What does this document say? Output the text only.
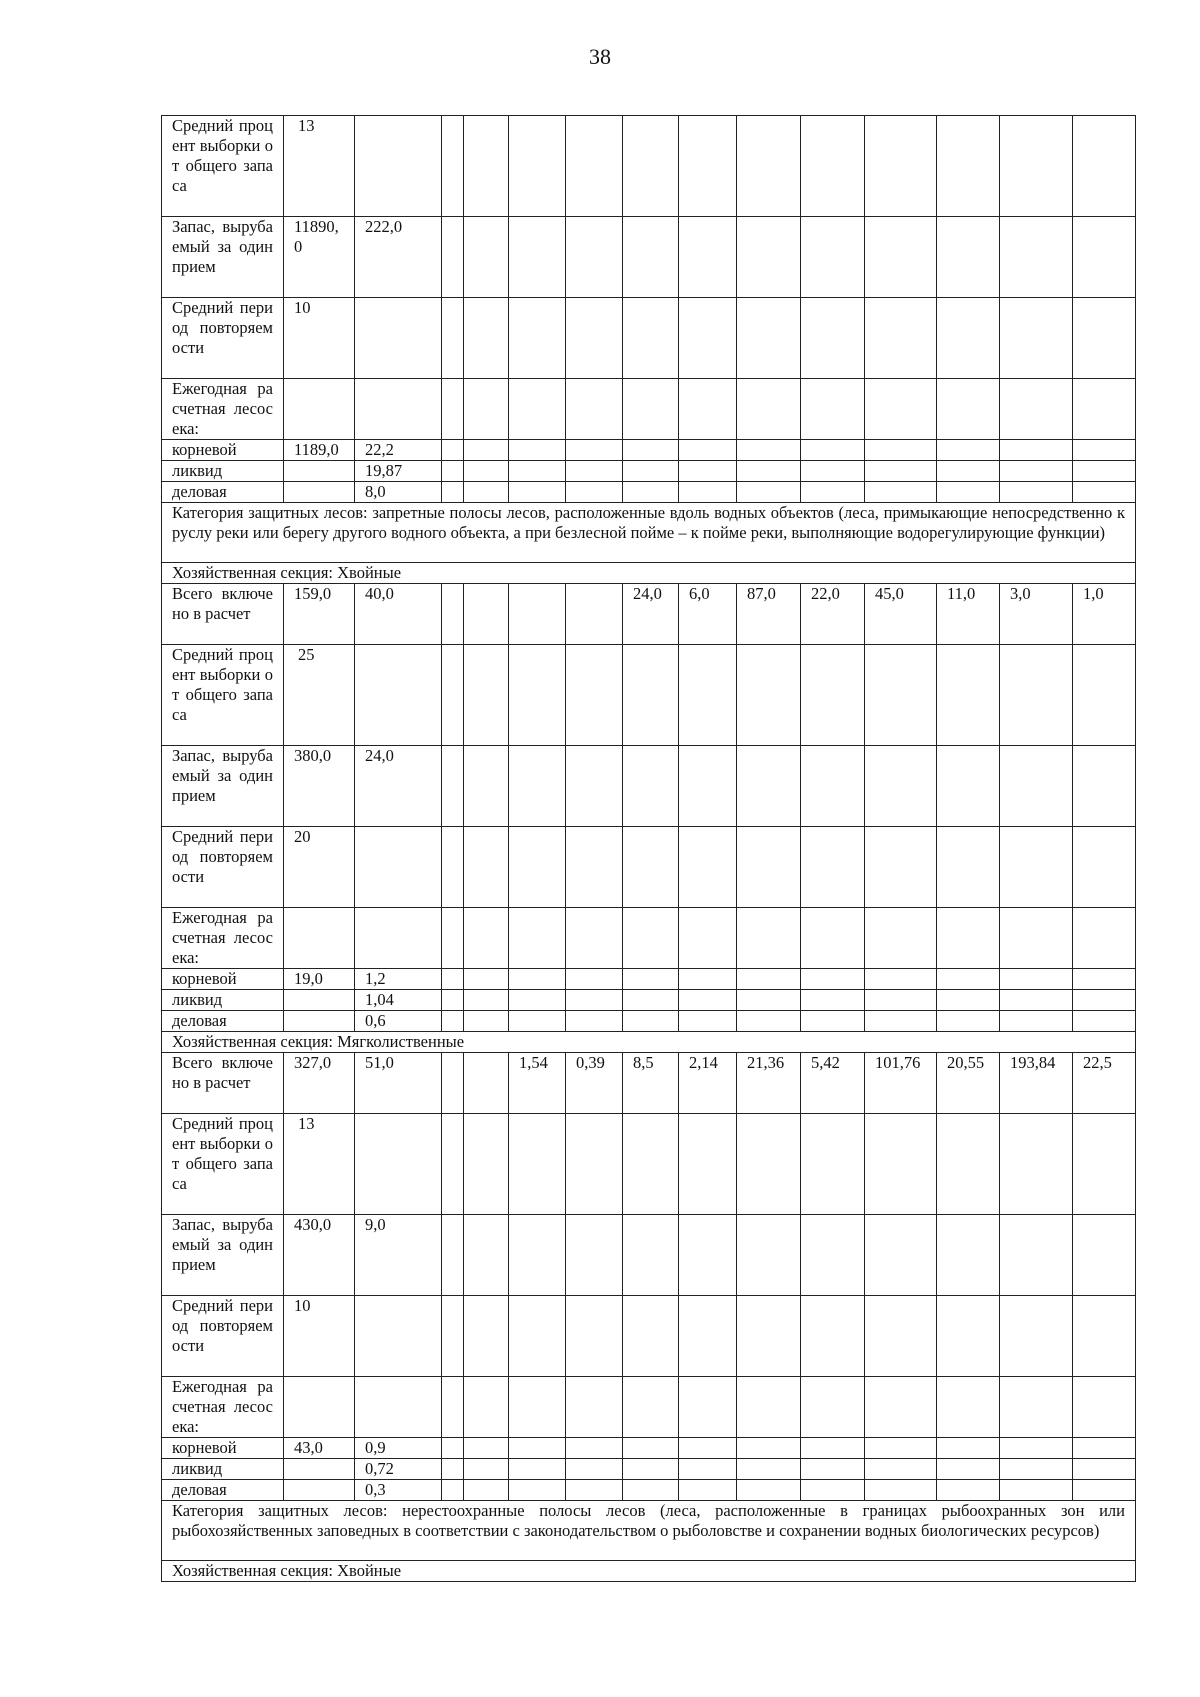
38
Средний процент выборки от общего запаса	13													
Запас, вырубаемый за один прием	11890,0	222,0												
Средний период повторяемости	10													
Ежегодная расчетная лесосека:														
корневой	1189,0	22,2												
ликвид		19,87												
деловая		8,0												
Категория защитных лесов: запретные полосы лесов, расположенные вдоль водных объектов (леса, примыкающие непосредственно к руслу реки или берегу другого водного объекта, а при безлесной пойме – к пойме реки, выполняющие водорегулирующие функции)														
Хозяйственная секция: Хвойные														
Всего включено в расчет	159,0	40,0					24,0	6,0	87,0	22,0	45,0	11,0	3,0	1,0
Средний процент выборки от общего запаса	25													
Запас, вырубаемый за один прием	380,0	24,0												
Средний период повторяемости	20													
Ежегодная расчетная лесосека:														
корневой	19,0	1,2												
ликвид		1,04												
деловая		0,6												
Хозяйственная секция: Мягколиственные														
Всего включено в расчет	327,0	51,0			1,54	0,39	8,5	2,14	21,36	5,42	101,76	20,55	193,84	22,5
Средний процент выборки от общего запаса	13													
Запас, вырубаемый за один прием	430,0	9,0												
Средний период повторяемости	10													
Ежегодная расчетная лесосека:														
корневой	43,0	0,9												
ликвид		0,72												
деловая		0,3												
Категория защитных лесов: нерестоохранные полосы лесов (леса, расположенные в границах рыбоохранных зон или рыбохозяйственных заповедных в соответствии с законодательством о рыболовстве и сохранении водных биологических ресурсов)														
Хозяйственная секция: Хвойные														
